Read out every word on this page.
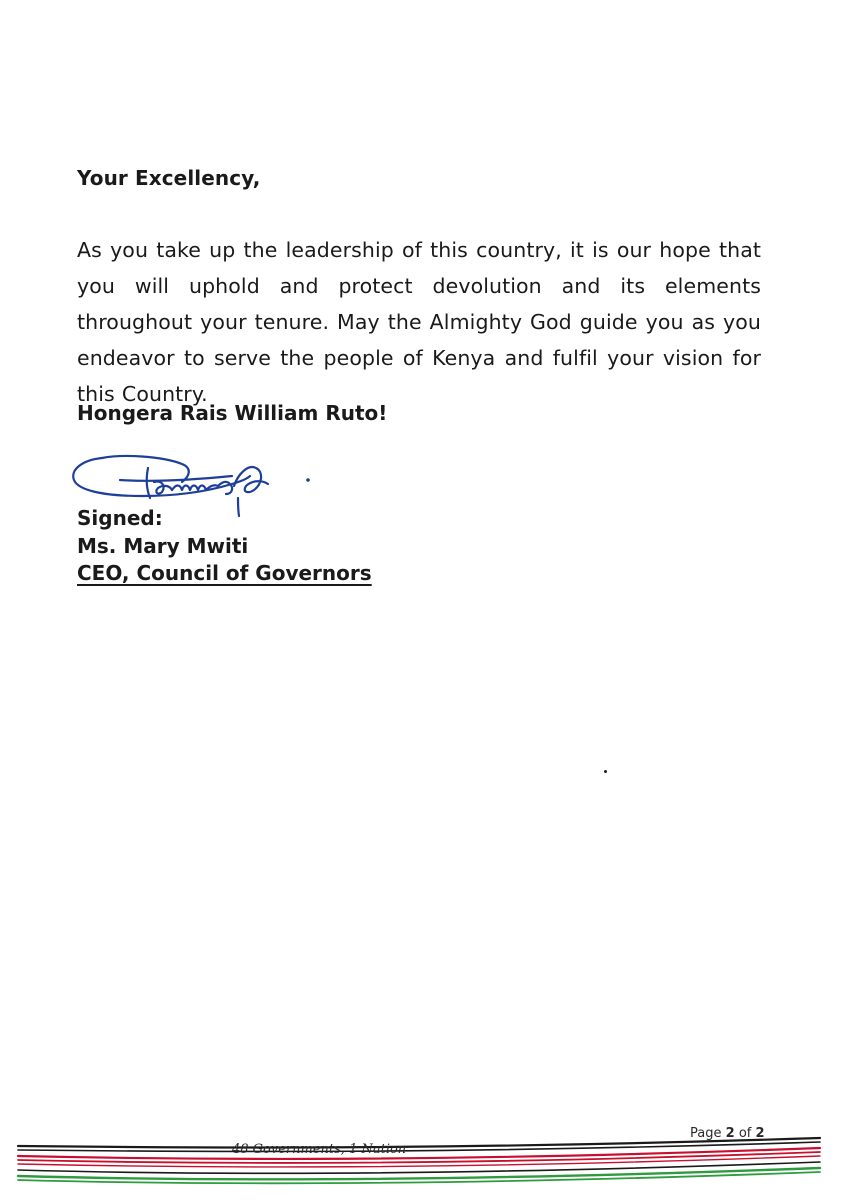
Your Excellency,
As you take up the leadership of this country, it is our hope that you will uphold and protect devolution and its elements throughout your tenure. May the Almighty God guide you as you endeavor to serve the people of Kenya and fulfil your vision for this Country.
Hongera Rais William Ruto!
Signed:
Ms. Mary Mwiti
CEO, Council of Governors
48 Governments, 1 Nation
Page 2 of 2
